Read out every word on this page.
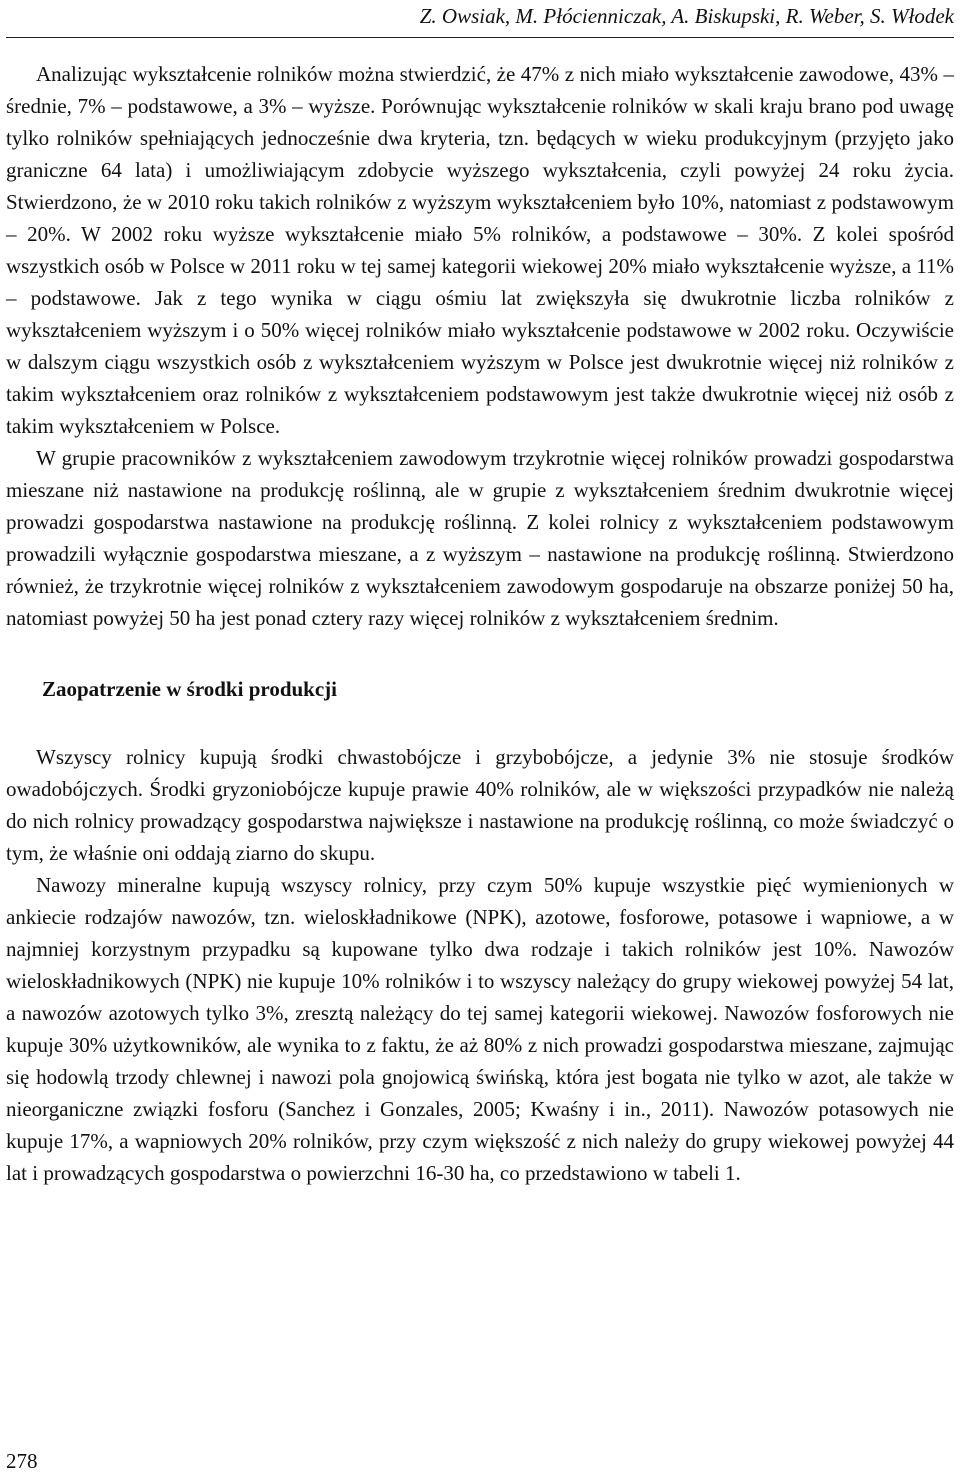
Z. Owsiak, M. Płócienniczak, A. Biskupski, R. Weber, S. Włodek

Analizując wykształcenie rolników można stwierdzić, że 47% z nich miało wykształcenie zawodowe, 43% – średnie, 7% – podstawowe, a 3% – wyższe. Porównując wykształcenie rolników w skali kraju brano pod uwagę tylko rolników spełniających jednocześnie dwa kryteria, tzn. będących w wieku produkcyjnym (przyjęto jako graniczne 64 lata) i umożliwiającym zdobycie wyższego wykształcenia, czyli powyżej 24 roku życia. Stwierdzono, że w 2010 roku takich rolników z wyższym wykształceniem było 10%, natomiast z podstawowym – 20%. W 2002 roku wyższe wykształcenie miało 5% rolników, a podstawowe – 30%. Z kolei spośród wszystkich osób w Polsce w 2011 roku w tej samej kategorii wiekowej 20% miało wykształcenie wyższe, a 11% – podstawowe. Jak z tego wynika w ciągu ośmiu lat zwiększyła się dwukrotnie liczba rolników z wykształceniem wyższym i o 50% więcej rolników miało wykształcenie podstawowe w 2002 roku. Oczywiście w dalszym ciągu wszystkich osób z wykształceniem wyższym w Polsce jest dwukrotnie więcej niż rolników z takim wykształceniem oraz rolników z wykształceniem podstawowym jest także dwukrotnie więcej niż osób z takim wykształceniem w Polsce.

W grupie pracowników z wykształceniem zawodowym trzykrotnie więcej rolników prowadzi gospodarstwa mieszane niż nastawione na produkcję roślinną, ale w grupie z wykształceniem średnim dwukrotnie więcej prowadzi gospodarstwa nastawione na produkcję roślinną. Z kolei rolnicy z wykształceniem podstawowym prowadzili wyłącznie gospodarstwa mieszane, a z wyższym – nastawione na produkcję roślinną. Stwierdzono również, że trzykrotnie więcej rolników z wykształceniem zawodowym gospodaruje na obszarze poniżej 50 ha, natomiast powyżej 50 ha jest ponad cztery razy więcej rolników z wykształceniem średnim.

Zaopatrzenie w środki produkcji

Wszyscy rolnicy kupują środki chwastobójcze i grzybobójcze, a jedynie 3% nie stosuje środków owadobójczych. Środki gryzoniobójcze kupuje prawie 40% rolników, ale w większości przypadków nie należą do nich rolnicy prowadzący gospodarstwa największe i nastawione na produkcję roślinną, co może świadczyć o tym, że właśnie oni oddają ziarno do skupu.

Nawozy mineralne kupują wszyscy rolnicy, przy czym 50% kupuje wszystkie pięć wymienionych w ankiecie rodzajów nawozów, tzn. wieloskładnikowe (NPK), azotowe, fosforowe, potasowe i wapniowe, a w najmniej korzystnym przypadku są kupowane tylko dwa rodzaje i takich rolników jest 10%. Nawozów wieloskładnikowych (NPK) nie kupuje 10% rolników i to wszyscy należący do grupy wiekowej powyżej 54 lat, a nawozów azotowych tylko 3%, zresztą należący do tej samej kategorii wiekowej. Nawozów fosforowych nie kupuje 30% użytkowników, ale wynika to z faktu, że aż 80% z nich prowadzi gospodarstwa mieszane, zajmując się hodowlą trzody chlewnej i nawozi pola gnojowicą świńską, która jest bogata nie tylko w azot, ale także w nieorganiczne związki fosforu (Sanchez i Gonzales, 2005; Kwaśny i in., 2011). Nawozów potasowych nie kupuje 17%, a wapniowych 20% rolników, przy czym większość z nich należy do grupy wiekowej powyżej 44 lat i prowadzących gospodarstwa o powierzchni 16-30 ha, co przedstawiono w tabeli 1.

278
